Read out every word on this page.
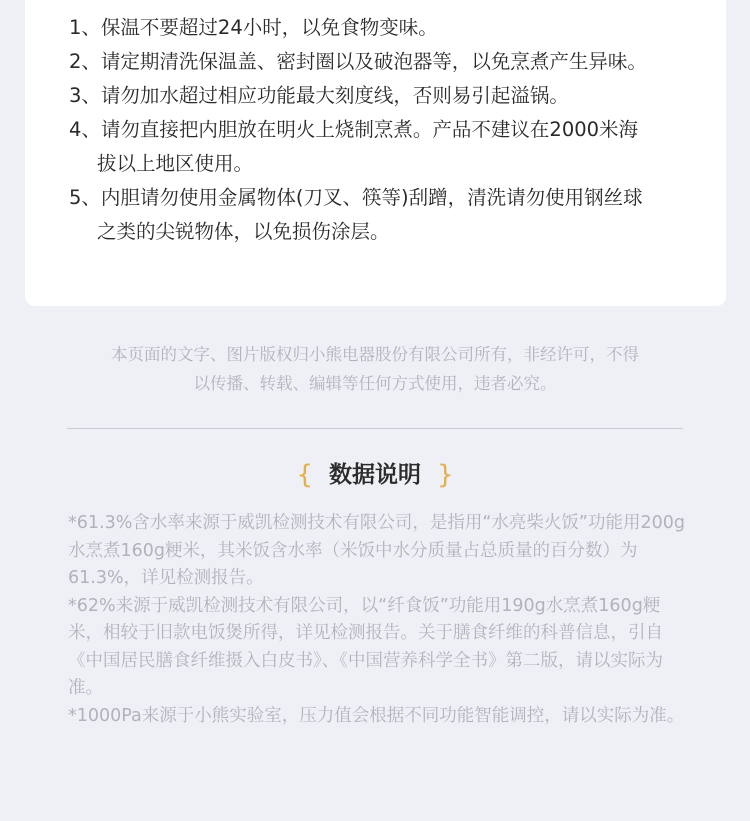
1、保温不要超过24小时，以免食物变味。
2、请定期清洗保温盖、密封圈以及破泡器等，以免烹煮产生异味。
3、请勿加水超过相应功能最大刻度线，否则易引起溢锅。
4、请勿直接把内胆放在明火上烧制烹煮。产品不建议在2000米海
拔以上地区使用。
5、内胆请勿使用金属物体(刀叉、筷等)刮蹭，清洗请勿使用钢丝球
之类的尖锐物体，以免损伤涂层。
本页面的文字、图片版权归小熊电器股份有限公司所有，非经许可，不得
以传播、转载、编辑等任何方式使用，违者必究。
{ 数据说明 }

*61.3%含水率来源于威凯检测技术有限公司，是指用“水亮柴火饭”功能用200g水烹煮160g粳米，其米饭含水率（米饭中水分质量占总质量的百分数）为61.3%，详见检测报告。

*62%来源于威凯检测技术有限公司，以“纤食饭”功能用190g水烹煮160g粳米，相较于旧款电饭煲所得，详见检测报告。关于膳食纤维的科普信息，引自《中国居民膳食纤维摄入白皮书》、《中国营养科学全书》第二版，请以实际为准。

*1000Pa来源于小熊实验室，压力值会根据不同功能智能调控，请以实际为准。
